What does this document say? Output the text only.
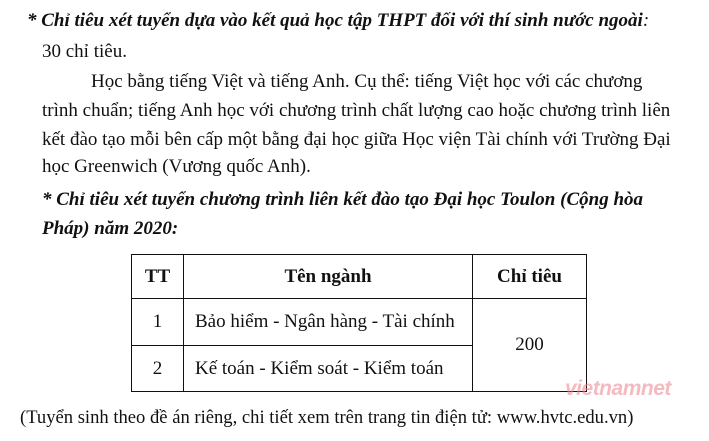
* Chỉ tiêu xét tuyển dựa vào kết quả học tập THPT đối với thí sinh nước ngoài:
30 chỉ tiêu.
Học bằng tiếng Việt và tiếng Anh. Cụ thể: tiếng Việt học với các chương
trình chuẩn; tiếng Anh học với chương trình chất lượng cao hoặc chương trình liên
kết đào tạo mỗi bên cấp một bằng đại học giữa Học viện Tài chính với Trường Đại
học Greenwich (Vương quốc Anh).
* Chỉ tiêu xét tuyển chương trình liên kết đào tạo Đại học Toulon (Cộng hòa
Pháp) năm 2020:
TT	Tên ngành	Chỉ tiêu
1	Bảo hiểm - Ngân hàng - Tài chính	200
2	Kế toán - Kiểm soát - Kiểm toán	
vietnamnet
(Tuyển sinh theo đề án riêng, chi tiết xem trên trang tin điện tử: www.hvtc.edu.vn)
